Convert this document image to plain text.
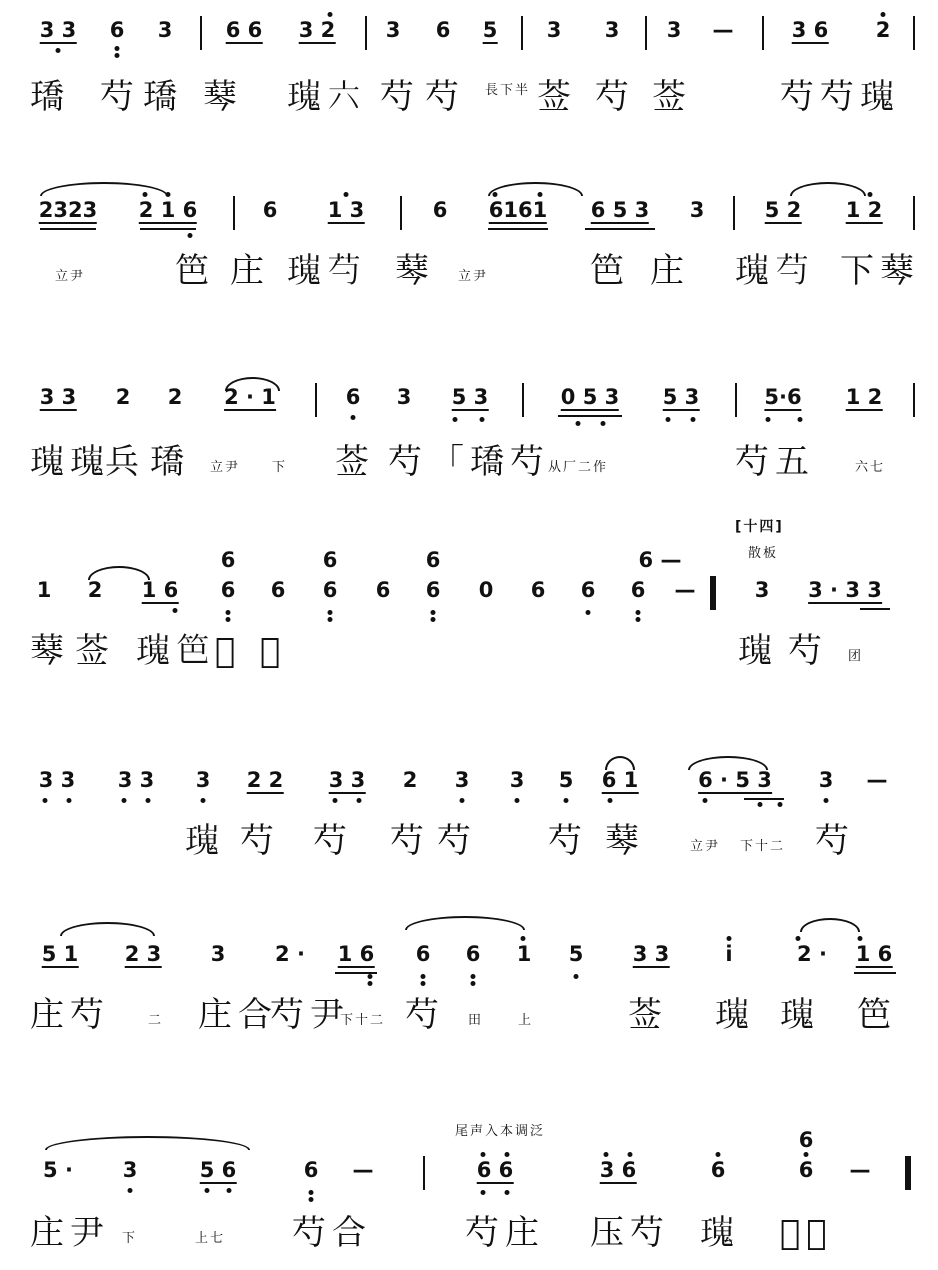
3 3 6 3	6 6 3 2 3 6 5 3 3 3 —	3 6 2
𤩝 芍 𤩝 䔷 𤩫六 芍 芍 長下半 莶 芍 莶	芍芍 𤩫
2323 2 1 6	6 1 3	6 6161 6 5 3 3	5 2 1 2
立尹	笆 庄 𤩫芍 䔷 立尹	笆 庄 𤩫芍 下䔷
3 3 2 2 2 · 1	6 3 5 3	0 5 3 5 3	5·6 1 2
𤩫𤩫
兵 𤩝 立尹 下 莶 芍 「𤩝芍
从厂二作	芍五	六七
[十四]
散板
6	6	6	6 —
1 2 1 6 6 6 6 6 6 0 6 6 6 —	3 3 · 3 3
䔷 莶 𤩫笆 𥪡 𥪡	𤩫 芍 团
3 3 3 3 3 2 2 3 3 2 3 3 5 6 1	6 · 5 3 3 —
𤩫 芍 芍 芍 芍 芍 䔷	立尹 下十二 芍
5 1 2 3 3 2 · 1 6 6 6 1 5 3 3	i	2 · 1 6
庄芍	二 庄合
芍尹
下十二 芍 田	上	莶 𤩫 𤩫 笆
尾声入本调泛	6
5 · 3	5 6	6 —	6 6	3 6	6	6 —
庄尹 下	上七 芍合	芍庄 压芍 𤩫 𥪡正
